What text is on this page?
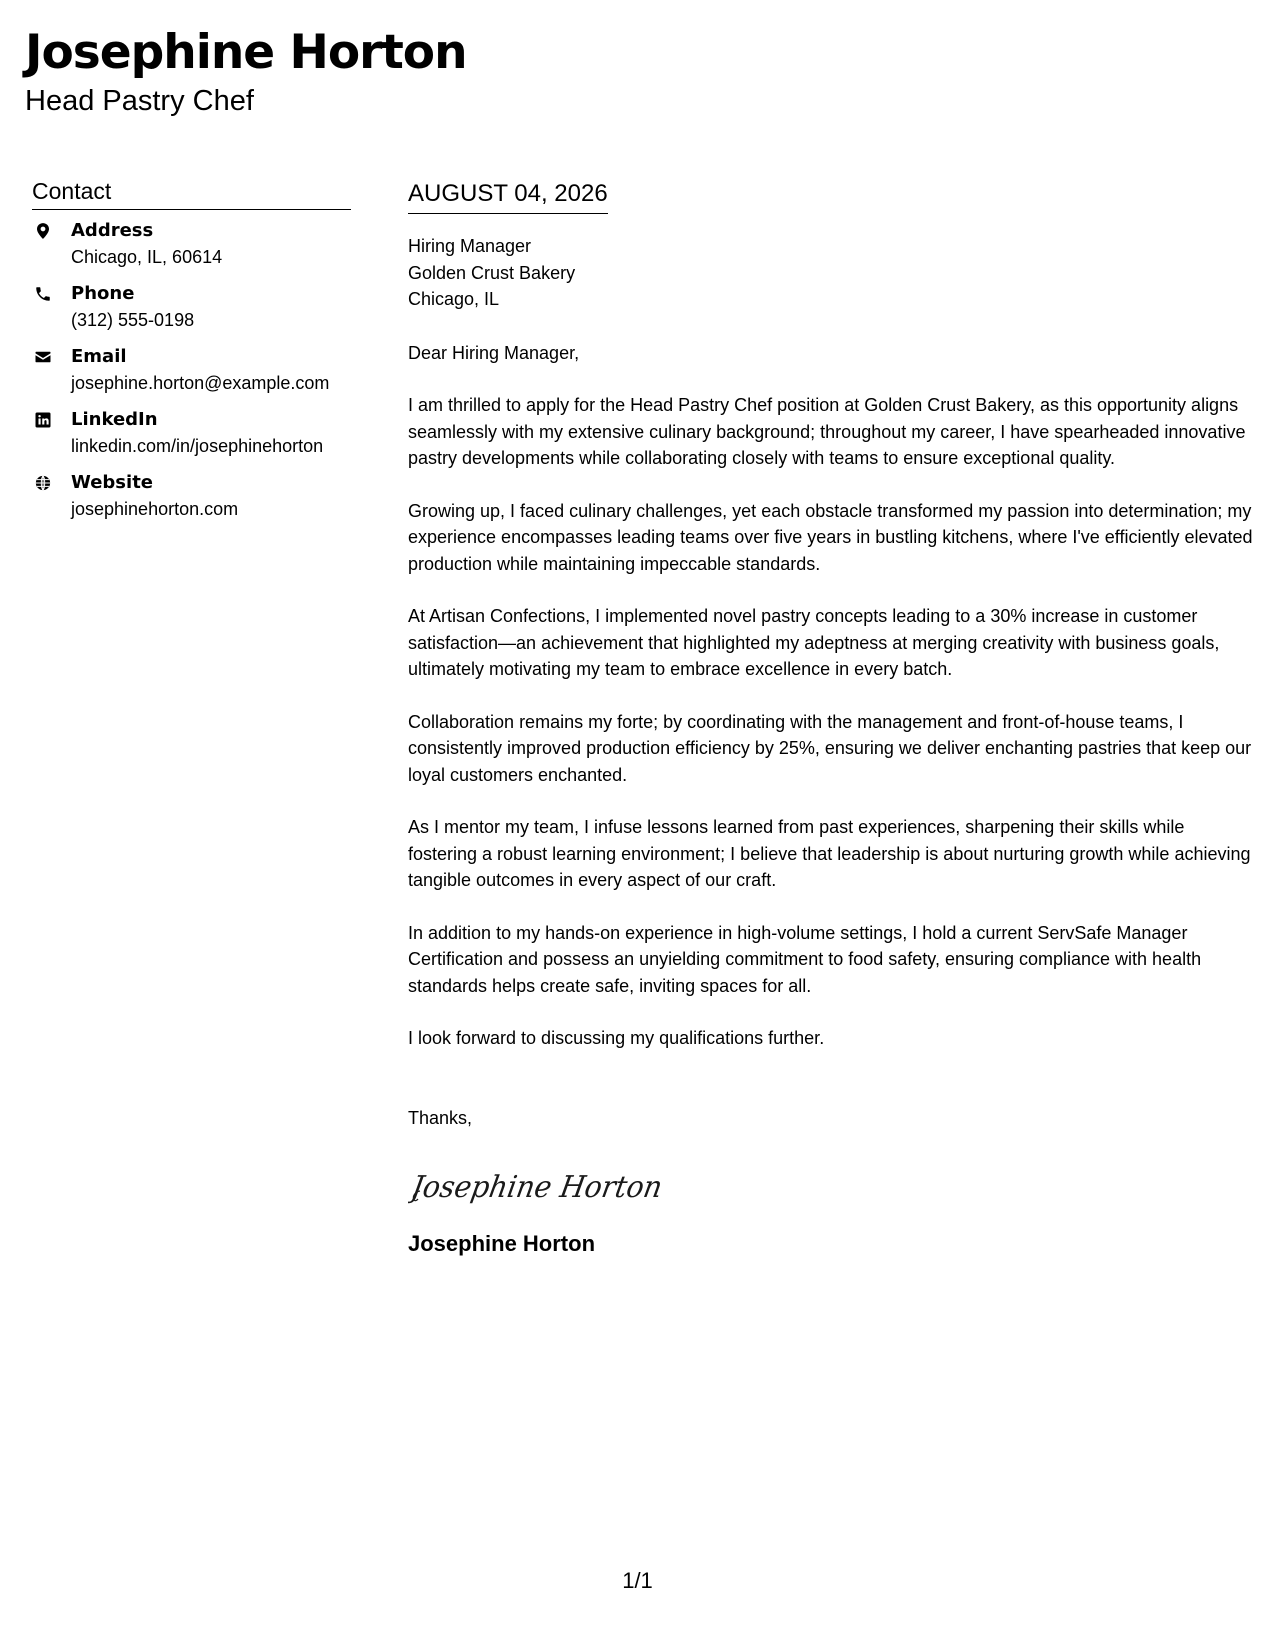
Josephine Horton
Head Pastry Chef
Contact
Address
Chicago, IL, 60614
Phone
(312) 555-0198
Email
josephine.horton@example.com
LinkedIn
linkedin.com/in/josephinehorton
Website
josephinehorton.com
AUGUST 04, 2026
Hiring Manager
Golden Crust Bakery
Chicago, IL

Dear Hiring Manager,

I am thrilled to apply for the Head Pastry Chef position at Golden Crust Bakery, as this opportunity aligns seamlessly with my extensive culinary background; throughout my career, I have spearheaded innovative pastry developments while collaborating closely with teams to ensure exceptional quality.

Growing up, I faced culinary challenges, yet each obstacle transformed my passion into determination; my experience encompasses leading teams over five years in bustling kitchens, where I've efficiently elevated production while maintaining impeccable standards.

At Artisan Confections, I implemented novel pastry concepts leading to a 30% increase in customer satisfaction—an achievement that highlighted my adeptness at merging creativity with business goals, ultimately motivating my team to embrace excellence in every batch.

Collaboration remains my forte; by coordinating with the management and front-of-house teams, I consistently improved production efficiency by 25%, ensuring we deliver enchanting pastries that keep our loyal customers enchanted.

As I mentor my team, I infuse lessons learned from past experiences, sharpening their skills while fostering a robust learning environment; I believe that leadership is about nurturing growth while achieving tangible outcomes in every aspect of our craft.

In addition to my hands-on experience in high-volume settings, I hold a current ServSafe Manager Certification and possess an unyielding commitment to food safety, ensuring compliance with health standards helps create safe, inviting spaces for all.

I look forward to discussing my qualifications further.

Thanks,

Josephine Horton
Josephine Horton
1/1
